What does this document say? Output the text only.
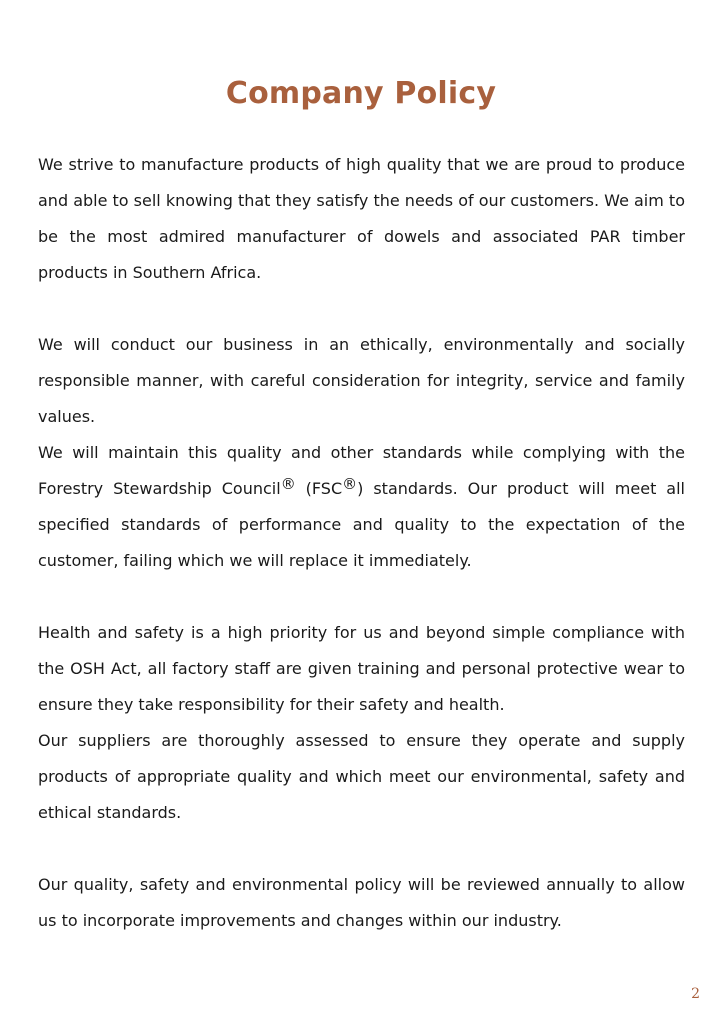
Company Policy

We strive to manufacture products of high quality that we are proud to produce and able to sell knowing that they satisfy the needs of our customers. We aim to be the most admired manufacturer of dowels and associated PAR timber products in Southern Africa.

We will conduct our business in an ethically, environmentally and socially responsible manner, with careful consideration for integrity, service and family values.

We will maintain this quality and other standards while complying with the Forestry Stewardship Council® (FSC®) standards. Our product will meet all specified standards of performance and quality to the expectation of the customer, failing which we will replace it immediately.

Health and safety is a high priority for us and beyond simple compliance with the OSH Act, all factory staff are given training and personal protective wear to ensure they take responsibility for their safety and health.

Our suppliers are thoroughly assessed to ensure they operate and supply products of appropriate quality and which meet our environmental, safety and ethical standards.

Our quality, safety and environmental policy will be reviewed annually to allow us to incorporate improvements and changes within our industry.

2
